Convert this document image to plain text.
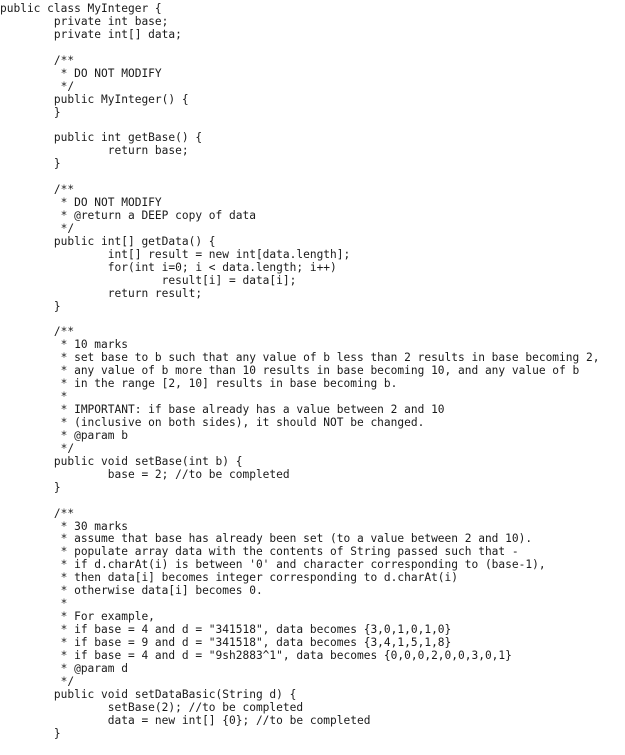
public class MyInteger {
private int base;
private int[] data;
/**
* DO NOT MODIFY
*/
public MyInteger() {
}
public int getBase() {
return base;
}
/**
* DO NOT MODIFY
* @return a DEEP copy of data
*/
public int[] getData() {
int[] result = new int[data.length];
for(int i=0; i < data.length; i++)
result[i] = data[i];
return result;
}
/**
* 10 marks
* set base to b such that any value of b less than 2 results in base becoming 2,
* any value of b more than 10 results in base becoming 10, and any value of b
* in the range [2, 10] results in base becoming b.
*
* IMPORTANT: if base already has a value between 2 and 10
* (inclusive on both sides), it should NOT be changed.
* @param b
*/
public void setBase(int b) {
base = 2; //to be completed
}
/**
* 30 marks
* assume that base has already been set (to a value between 2 and 10).
* populate array data with the contents of String passed such that -
* if d.charAt(i) is between '0' and character corresponding to (base-1),
* then data[i] becomes integer corresponding to d.charAt(i)
* otherwise data[i] becomes 0.
*
* For example,
* if base = 4 and d = "341518", data becomes {3,0,1,0,1,0}
* if base = 9 and d = "341518", data becomes {3,4,1,5,1,8}
* if base = 4 and d = "9sh2883^1", data becomes {0,0,0,2,0,0,3,0,1}
* @param d
*/
public void setDataBasic(String d) {
setBase(2); //to be completed
data = new int[] {0}; //to be completed
}
